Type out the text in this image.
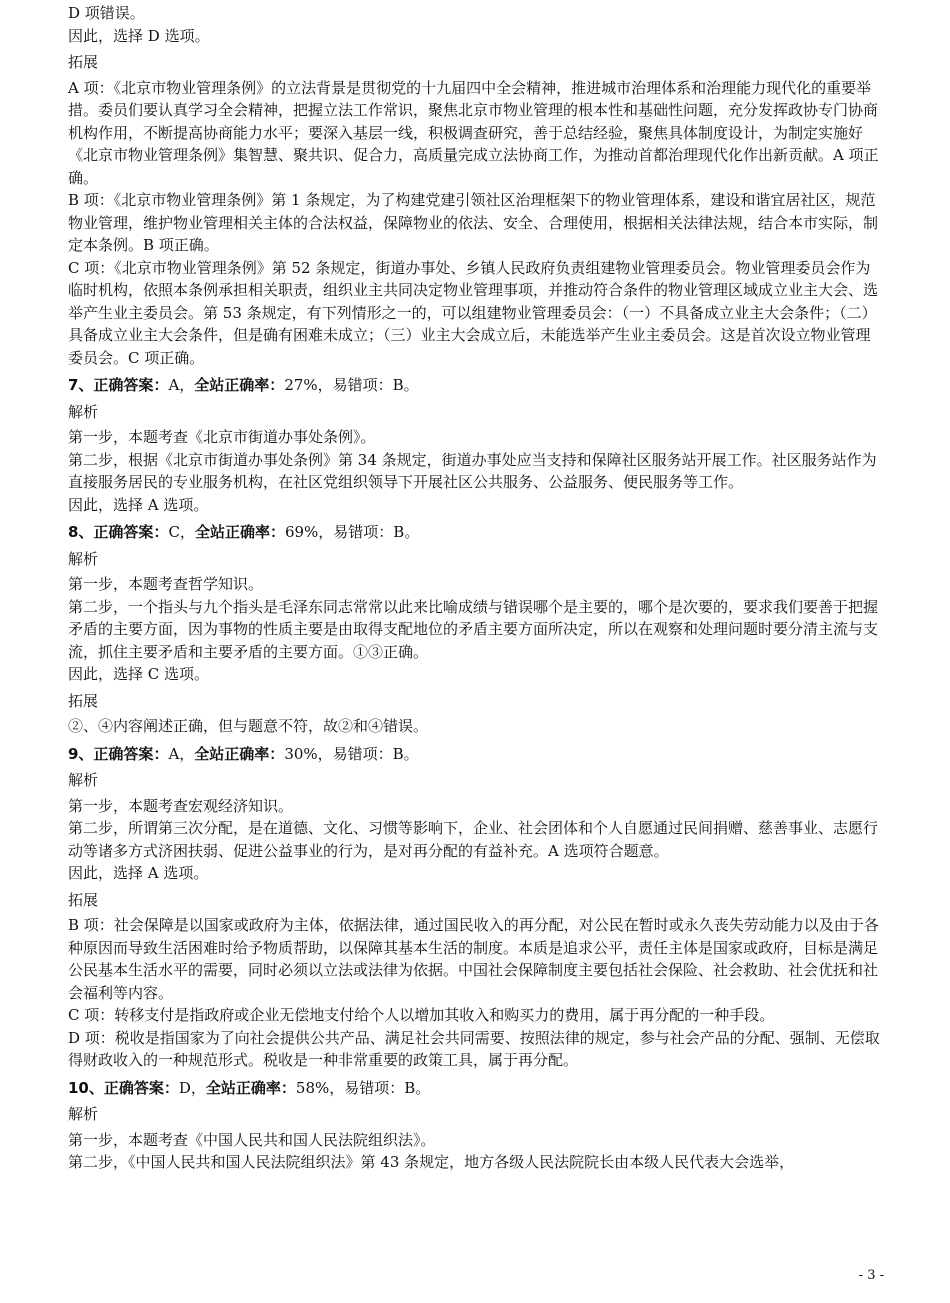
D 项错误。
因此，选择 D 选项。
拓展
A 项：《北京市物业管理条例》的立法背景是贯彻党的十九届四中全会精神，推进城市治理体系和治理能力现代化的重要举措。委员们要认真学习全会精神，把握立法工作常识，聚焦北京市物业管理的根本性和基础性问题，充分发挥政协专门协商机构作用，不断提高协商能力水平；要深入基层一线，积极调查研究，善于总结经验，聚焦具体制度设计，为制定实施好《北京市物业管理条例》集智慧、聚共识、促合力，高质量完成立法协商工作，为推动首都治理现代化作出新贡献。A 项正确。
B 项：《北京市物业管理条例》第 1 条规定，为了构建党建引领社区治理框架下的物业管理体系，建设和谐宜居社区，规范物业管理，维护物业管理相关主体的合法权益，保障物业的依法、安全、合理使用，根据相关法律法规，结合本市实际，制定本条例。B 项正确。
C 项：《北京市物业管理条例》第 52 条规定，街道办事处、乡镇人民政府负责组建物业管理委员会。物业管理委员会作为临时机构，依照本条例承担相关职责，组织业主共同决定物业管理事项，并推动符合条件的物业管理区域成立业主大会、选举产生业主委员会。第 53 条规定，有下列情形之一的，可以组建物业管理委员会：（一）不具备成立业主大会条件；（二）具备成立业主大会条件，但是确有困难未成立；（三）业主大会成立后，未能选举产生业主委员会。这是首次设立物业管理委员会。C 项正确。
7、正确答案：A，全站正确率：27%，易错项：B。
解析
第一步，本题考查《北京市街道办事处条例》。
第二步，根据《北京市街道办事处条例》第 34 条规定，街道办事处应当支持和保障社区服务站开展工作。社区服务站作为直接服务居民的专业服务机构，在社区党组织领导下开展社区公共服务、公益服务、便民服务等工作。
因此，选择 A 选项。
8、正确答案：C，全站正确率：69%，易错项：B。
解析
第一步，本题考查哲学知识。
第二步，一个指头与九个指头是毛泽东同志常常以此来比喻成绩与错误哪个是主要的，哪个是次要的，要求我们要善于把握矛盾的主要方面，因为事物的性质主要是由取得支配地位的矛盾主要方面所决定，所以在观察和处理问题时要分清主流与支流，抓住主要矛盾和主要矛盾的主要方面。①③正确。
因此，选择 C 选项。
拓展
②、④内容阐述正确，但与题意不符，故②和④错误。
9、正确答案：A，全站正确率：30%，易错项：B。
解析
第一步，本题考查宏观经济知识。
第二步，所谓第三次分配，是在道德、文化、习惯等影响下，企业、社会团体和个人自愿通过民间捐赠、慈善事业、志愿行动等诸多方式济困扶弱、促进公益事业的行为，是对再分配的有益补充。A 选项符合题意。
因此，选择 A 选项。
拓展
B 项：社会保障是以国家或政府为主体，依据法律，通过国民收入的再分配，对公民在暂时或永久丧失劳动能力以及由于各种原因而导致生活困难时给予物质帮助，以保障其基本生活的制度。本质是追求公平，责任主体是国家或政府，目标是满足公民基本生活水平的需要，同时必须以立法或法律为依据。中国社会保障制度主要包括社会保险、社会救助、社会优抚和社会福利等内容。
C 项：转移支付是指政府或企业无偿地支付给个人以增加其收入和购买力的费用，属于再分配的一种手段。
D 项：税收是指国家为了向社会提供公共产品、满足社会共同需要、按照法律的规定，参与社会产品的分配、强制、无偿取得财政收入的一种规范形式。税收是一种非常重要的政策工具，属于再分配。
10、正确答案：D，全站正确率：58%，易错项：B。
解析
第一步，本题考查《中国人民共和国人民法院组织法》。
第二步，《中国人民共和国人民法院组织法》第 43 条规定，地方各级人民法院院长由本级人民代表大会选举，
- 3 -
